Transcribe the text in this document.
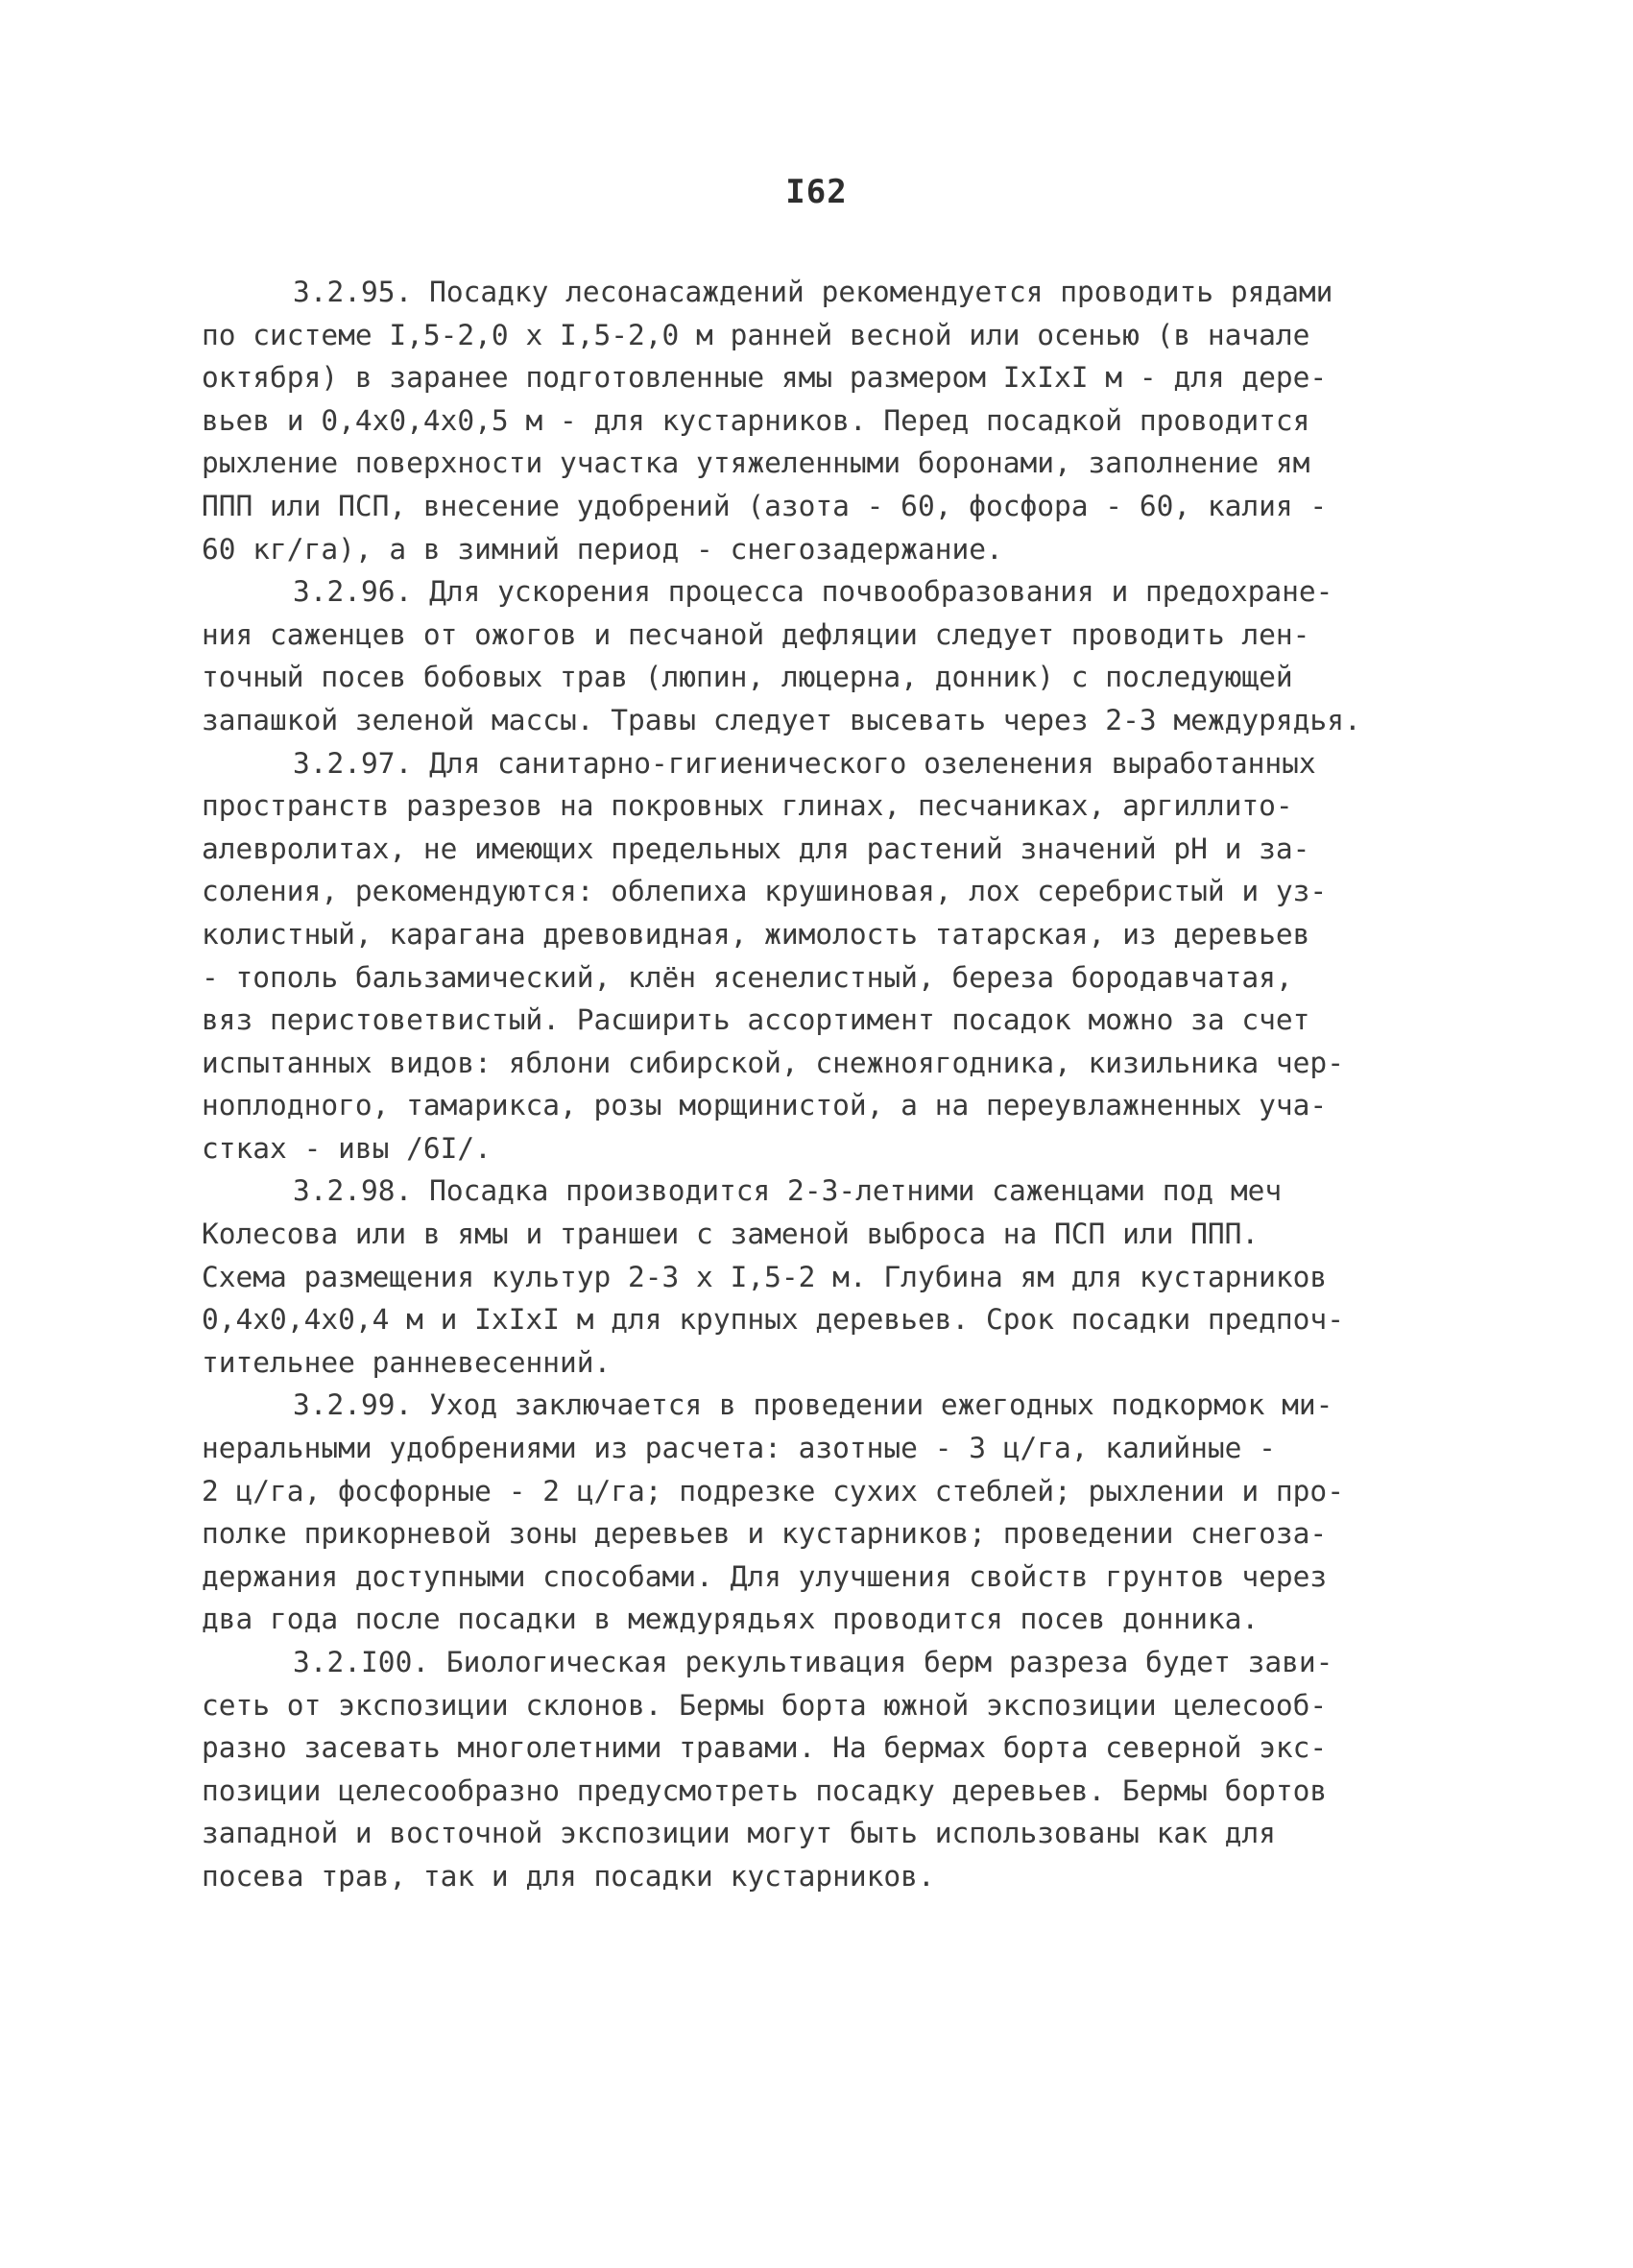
I62
3.2.95. Посадку лесонасаждений рекомендуется проводить рядами
по системе I,5-2,0 х I,5-2,0 м ранней весной или осенью (в начале
октября) в заранее подготовленные ямы размером IхIхI м - для дере-
вьев и 0,4х0,4х0,5 м - для кустарников. Перед посадкой проводится
рыхление поверхности участка утяжеленными боронами, заполнение ям
ППП или ПСП, внесение удобрений (азота - 60, фосфора - 60, калия -
60 кг/га), а в зимний период - снегозадержание.
3.2.96. Для ускорения процесса почвообразования и предохране-
ния саженцев от ожогов и песчаной дефляции следует проводить лен-
точный посев бобовых трав (люпин, люцерна, донник) с последующей
запашкой зеленой массы. Травы следует высевать через 2-3 междурядья.
3.2.97. Для санитарно-гигиенического озеленения выработанных
пространств разрезов на покровных глинах, песчаниках, аргиллито-
алевролитах, не имеющих предельных для растений значений pH и за-
соления, рекомендуются: облепиха крушиновая, лох серебристый и уз-
колистный, карагана древовидная, жимолость татарская, из деревьев
- тополь бальзамический, клён ясенелистный, береза бородавчатая,
вяз перистоветвистый. Расширить ассортимент посадок можно за счет
испытанных видов: яблони сибирской, снежноягодника, кизильника чер-
ноплодного, тамарикса, розы морщинистой, а на переувлажненных уча-
стках - ивы /6I/.
3.2.98. Посадка производится 2-3-летними саженцами под меч
Колесова или в ямы и траншеи с заменой выброса на ПСП или ППП.
Схема размещения культур 2-3 х I,5-2 м. Глубина ям для кустарников
0,4х0,4х0,4 м и IхIхI м для крупных деревьев. Срок посадки предпоч-
тительнее ранневесенний.
3.2.99. Уход заключается в проведении ежегодных подкормок ми-
неральными удобрениями из расчета: азотные - 3 ц/га, калийные -
2 ц/га, фосфорные - 2 ц/га; подрезке сухих стеблей; рыхлении и про-
полке прикорневой зоны деревьев и кустарников; проведении снегоза-
держания доступными способами. Для улучшения свойств грунтов через
два года после посадки в междурядьях проводится посев донника.
3.2.I00. Биологическая рекультивация берм разреза будет зави-
сеть от экспозиции склонов. Бермы борта южной экспозиции целесооб-
разно засевать многолетними травами. На бермах борта северной экс-
позиции целесообразно предусмотреть посадку деревьев. Бермы бортов
западной и восточной экспозиции могут быть использованы как для
посева трав, так и для посадки кустарников.
